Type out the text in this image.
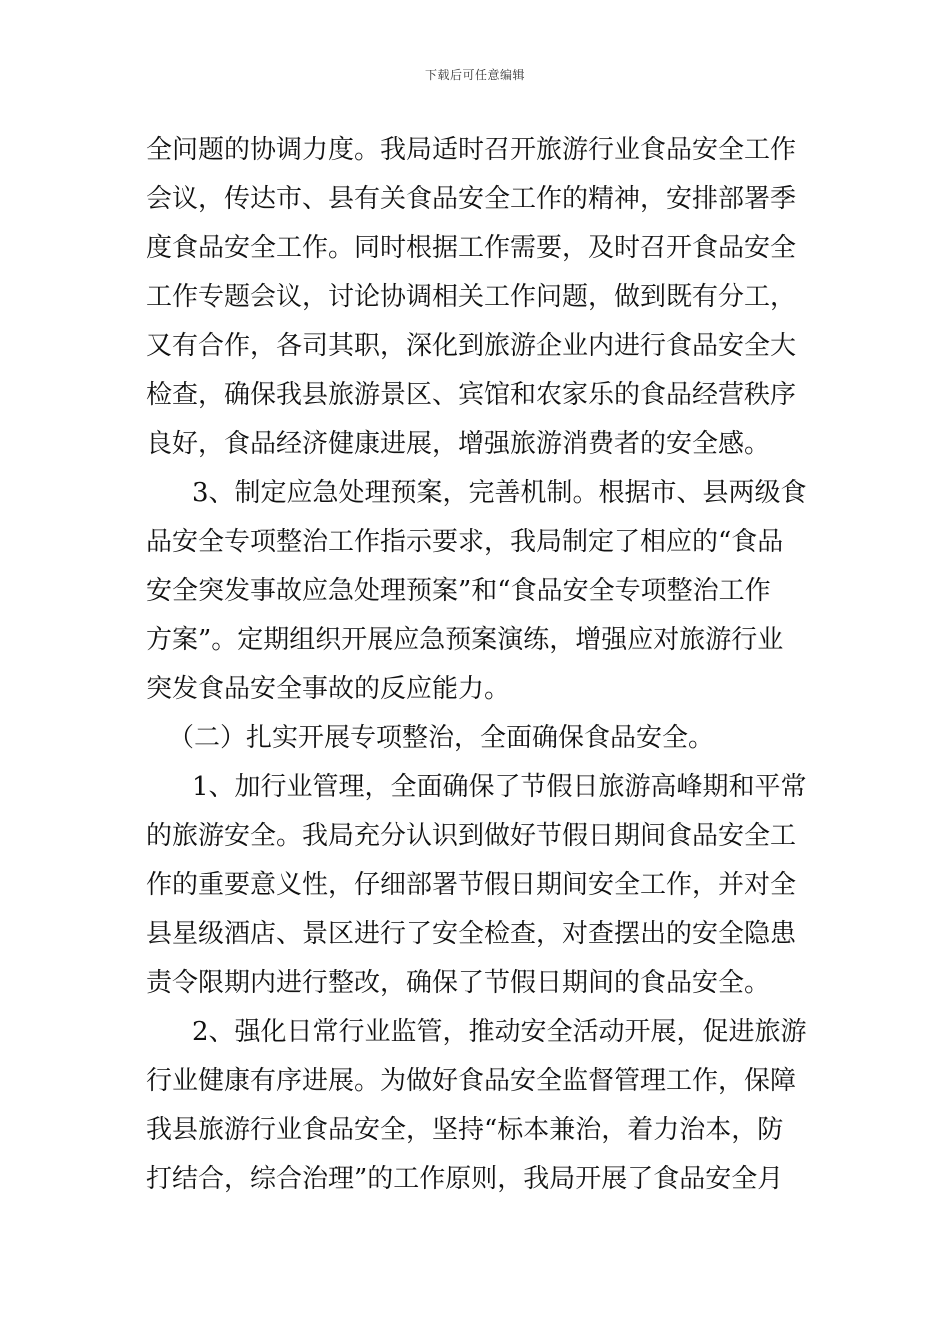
下载后可任意编辑
全问题的协调力度。我局适时召开旅游行业食品安全工作
会议，传达市、县有关食品安全工作的精神，安排部署季
度食品安全工作。同时根据工作需要，及时召开食品安全
工作专题会议，讨论协调相关工作问题，做到既有分工，
又有合作，各司其职，深化到旅游企业内进行食品安全大
检查，确保我县旅游景区、宾馆和农家乐的食品经营秩序
良好，食品经济健康进展，增强旅游消费者的安全感。
3、制定应急处理预案，完善机制。根据市、县两级食
品安全专项整治工作指示要求，我局制定了相应的“食品
安全突发事故应急处理预案”和“食品安全专项整治工作
方案”。定期组织开展应急预案演练，增强应对旅游行业
突发食品安全事故的反应能力。
（二）扎实开展专项整治，全面确保食品安全。
1、加行业管理，全面确保了节假日旅游高峰期和平常
的旅游安全。我局充分认识到做好节假日期间食品安全工
作的重要意义性，仔细部署节假日期间安全工作，并对全
县星级酒店、景区进行了安全检查，对查摆出的安全隐患
责令限期内进行整改，确保了节假日期间的食品安全。
2、强化日常行业监管，推动安全活动开展，促进旅游
行业健康有序进展。为做好食品安全监督管理工作，保障
我县旅游行业食品安全，坚持“标本兼治，着力治本，防
打结合，综合治理”的工作原则，我局开展了食品安全月
